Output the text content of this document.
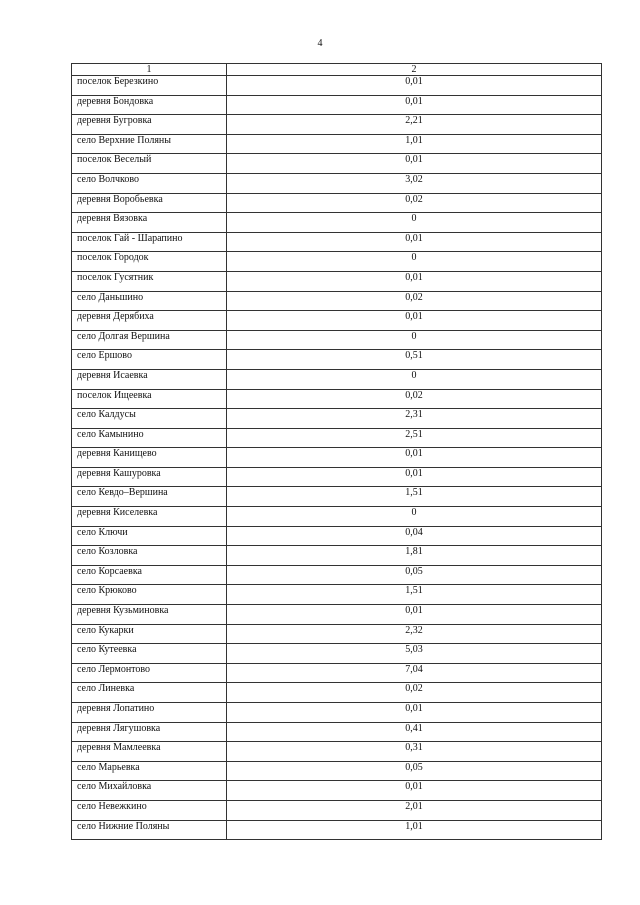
4
1	2
поселок Березкино	0,01
деревня Бондовка	0,01
деревня Бугровка	2,21
село Верхние Поляны	1,01
поселок Веселый	0,01
село Волчково	3,02
деревня Воробьевка	0,02
деревня Вязовка	0
поселок Гай - Шарапино	0,01
поселок Городок	0
поселок Гусятник	0,01
село Даньшино	0,02
деревня Дерябиха	0,01
село Долгая Вершина	0
село Ершово	0,51
деревня Исаевка	0
поселок Ищеевка	0,02
село Калдусы	2,31
село Камынино	2,51
деревня Канищево	0,01
деревня Кашуровка	0,01
село Кевдо–Вершина	1,51
деревня Киселевка	0
село Ключи	0,04
село Козловка	1,81
село Корсаевка	0,05
село Крюково	1,51
деревня Кузьминовка	0,01
село Кукарки	2,32
село Кутеевка	5,03
село Лермонтово	7,04
село Линевка	0,02
деревня Лопатино	0,01
деревня Лягушовка	0,41
деревня Мамлеевка	0,31
село Марьевка	0,05
село Михайловка	0,01
село Невежкино	2,01
село Нижние Поляны	1,01
